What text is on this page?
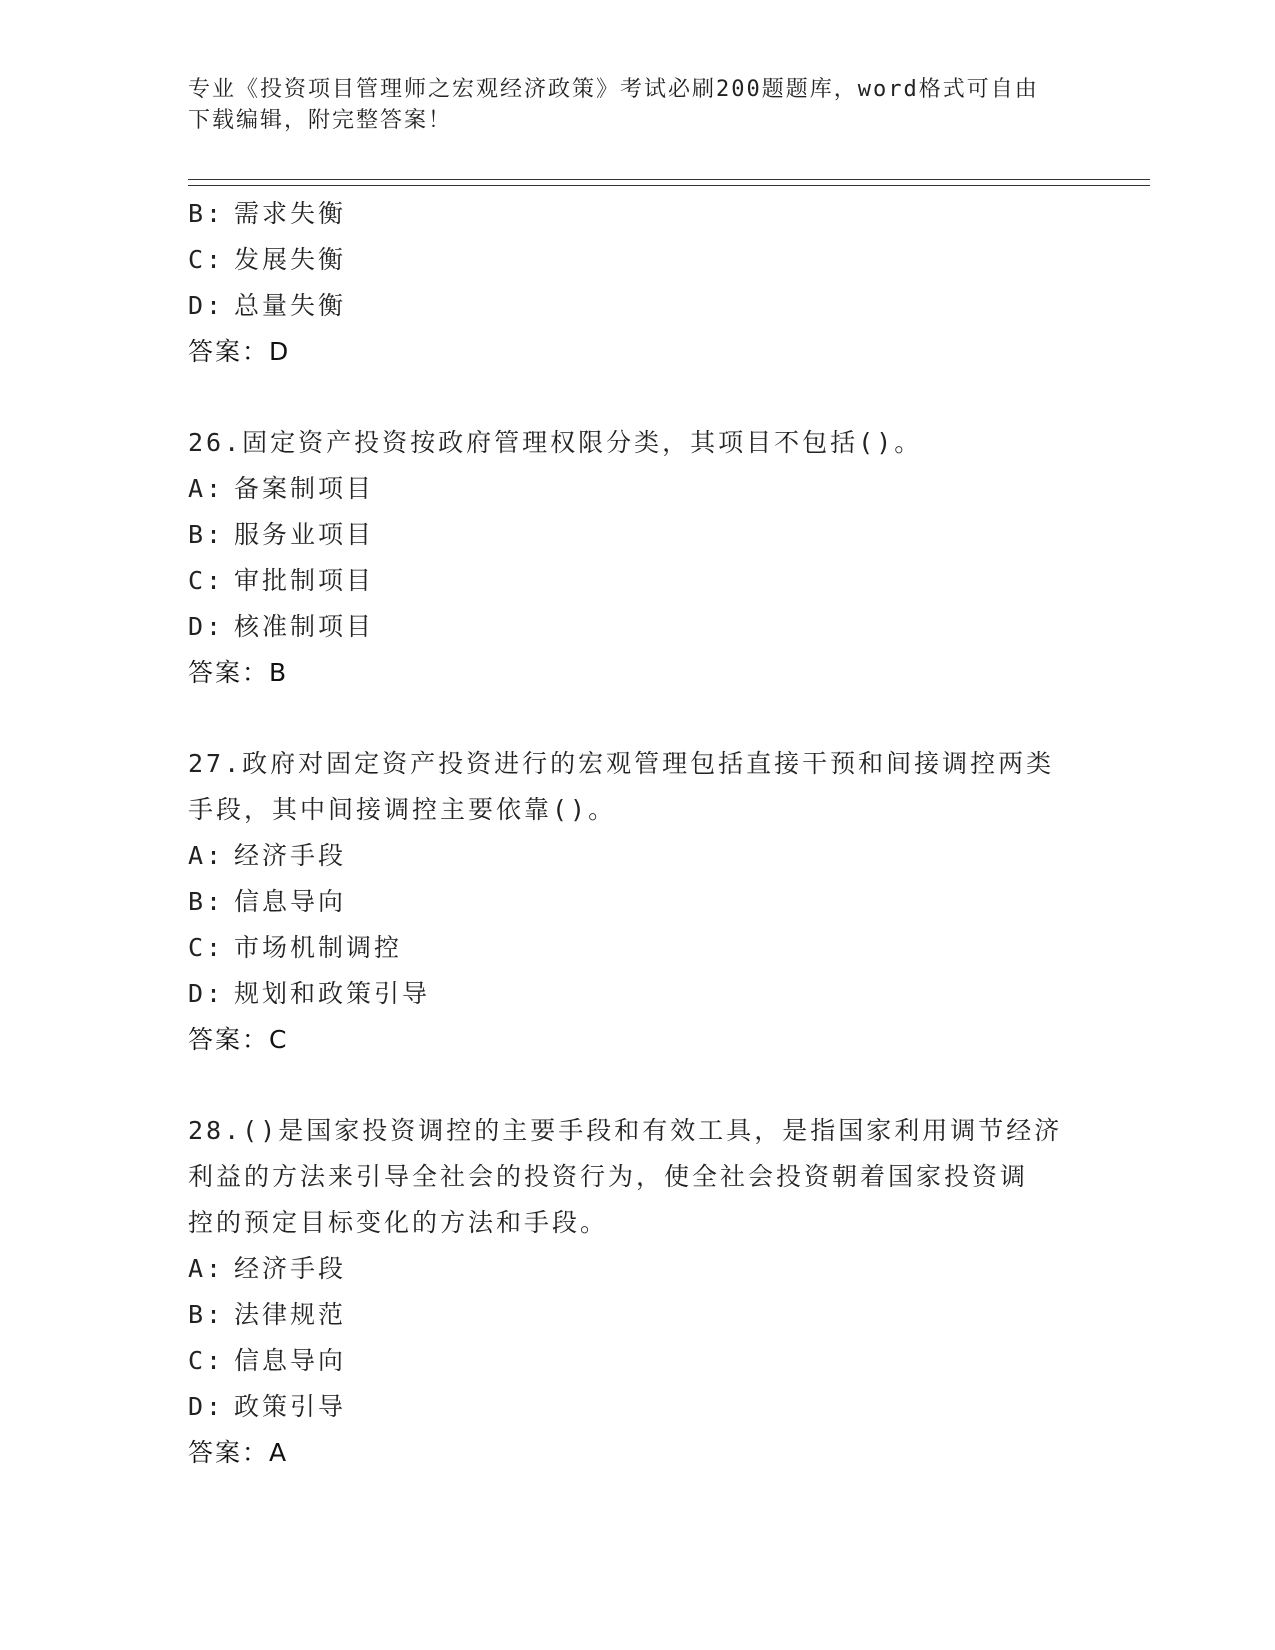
专业《投资项目管理师之宏观经济政策》考试必刷200题题库，word格式可自由
下载编辑，附完整答案！
B: 需求失衡
C: 发展失衡
D: 总量失衡

答案：D

26.固定资产投资按政府管理权限分类，其项目不包括()。

A: 备案制项目
B: 服务业项目
C: 审批制项目
D: 核准制项目

答案：B

27.政府对固定资产投资进行的宏观管理包括直接干预和间接调控两类

手段，其中间接调控主要依靠()。

A: 经济手段
B: 信息导向
C: 市场机制调控
D: 规划和政策引导

答案：C

28.()是国家投资调控的主要手段和有效工具，是指国家利用调节经济

利益的方法来引导全社会的投资行为，使全社会投资朝着国家投资调

控的预定目标变化的方法和手段。

A: 经济手段
B: 法律规范
C: 信息导向
D: 政策引导

答案：A
